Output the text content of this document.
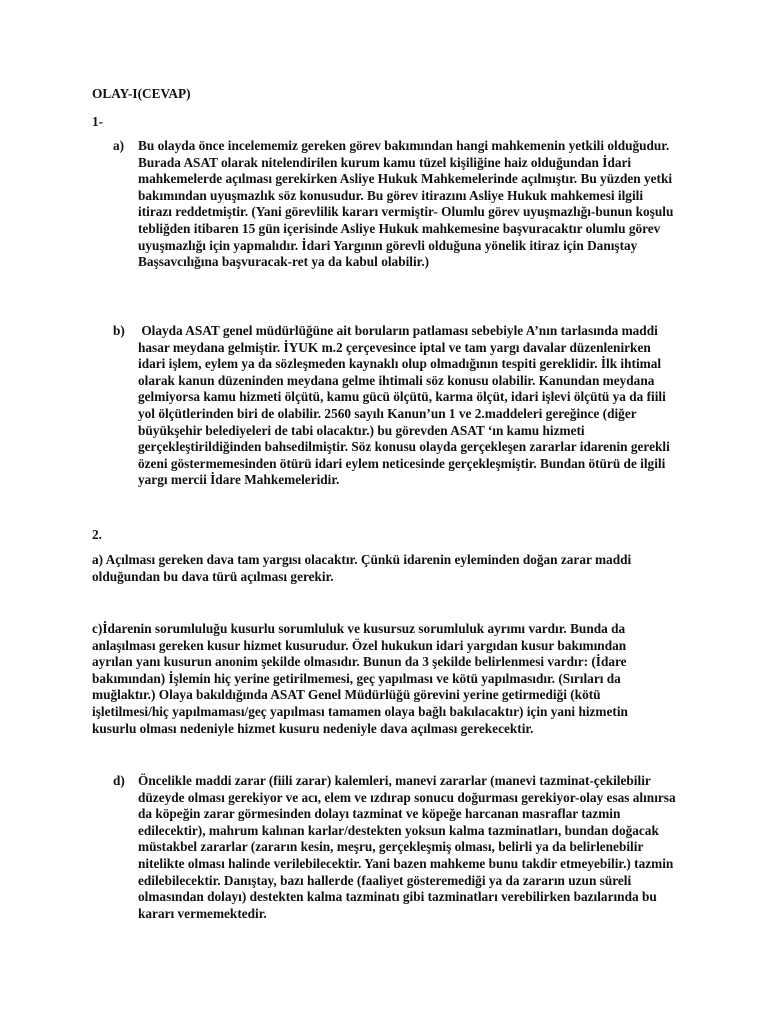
OLAY-I(CEVAP)

1-

a) Bu olayda önce incelememiz gereken görev bakımından hangi mahkemenin yetkili olduğudur. Burada ASAT olarak nitelendirilen kurum kamu tüzel kişiliğine haiz olduğundan İdari mahkemelerde açılması gerekirken Asliye Hukuk Mahkemelerinde açılmıştır. Bu yüzden yetki bakımından uyuşmazlık söz konusudur. Bu görev itirazını Asliye Hukuk mahkemesi ilgili itirazı reddetmiştir. (Yani görevlilik kararı vermiştir- Olumlu görev uyuşmazlığı-bunun koşulu tebliğden itibaren 15 gün içerisinde Asliye Hukuk mahkemesine başvuracaktır olumlu görev uyuşmazlığı için yapmalıdır. İdari Yargının görevli olduğuna yönelik itiraz için Danıştay Başsavcılığına başvuracak-ret ya da kabul olabilir.)

b) Olayda ASAT genel müdürlüğüne ait boruların patlaması sebebiyle A’nın tarlasında maddi hasar meydana gelmiştir. İYUK m.2 çerçevesince iptal ve tam yargı davalar düzenlenirken idari işlem, eylem ya da sözleşmeden kaynaklı olup olmadığının tespiti gereklidir. İlk ihtimal olarak kanun düzeninden meydana gelme ihtimali söz konusu olabilir. Kanundan meydana gelmiyorsa kamu hizmeti ölçütü, kamu gücü ölçütü, karma ölçüt, idari işlevi ölçütü ya da fiili yol ölçütlerinden biri de olabilir. 2560 sayılı Kanun’un 1 ve 2.maddeleri gereğince (diğer büyükşehir belediyeleri de tabi olacaktır.) bu görevden ASAT ‘ın kamu hizmeti gerçekleştirildiğinden bahsedilmiştir. Söz konusu olayda gerçekleşen zararlar idarenin gerekli özeni göstermemesinden ötürü idari eylem neticesinde gerçekleşmiştir. Bundan ötürü de ilgili yargı mercii İdare Mahkemeleridir.

2.

a) Açılması gereken dava tam yargısı olacaktır. Çünkü idarenin eyleminden doğan zarar maddi olduğundan bu dava türü açılması gerekir.

c)İdarenin sorumluluğu kusurlu sorumluluk ve kusursuz sorumluluk ayrımı vardır. Bunda da anlaşılması gereken kusur hizmet kusurudur. Özel hukukun idari yargıdan kusur bakımından ayrılan yanı kusurun anonim şekilde olmasıdır. Bunun da 3 şekilde belirlenmesi vardır: (İdare bakımından) İşlemin hiç yerine getirilmemesi, geç yapılması ve kötü yapılmasıdır. (Sırıları da muğlaktır.) Olaya bakıldığında ASAT Genel Müdürlüğü görevini yerine getirmediği (kötü işletilmesi/hiç yapılmaması/geç yapılması tamamen olaya bağlı bakılacaktır) için yani hizmetin kusurlu olması nedeniyle hizmet kusuru nedeniyle dava açılması gerekecektir.

d) Öncelikle maddi zarar (fiili zarar) kalemleri, manevi zararlar (manevi tazminat-çekilebilir düzeyde olması gerekiyor ve acı, elem ve ızdırap sonucu doğurması gerekiyor-olay esas alınırsa da köpeğin zarar görmesinden dolayı tazminat ve köpeğe harcanan masraflar tazmin edilecektir), mahrum kalınan karlar/destekten yoksun kalma tazminatları, bundan doğacak müstakbel zararlar (zararın kesin, meşru, gerçekleşmiş olması, belirli ya da belirlenebilir nitelikte olması halinde verilebilecektir. Yani bazen mahkeme bunu takdir etmeyebilir.) tazmin edilebilecektir. Danıştay, bazı hallerde (faaliyet gösteremediği ya da zararın uzun süreli olmasından dolayı) destekten kalma tazminatı gibi tazminatları verebilirken bazılarında bu kararı vermemektedir.
